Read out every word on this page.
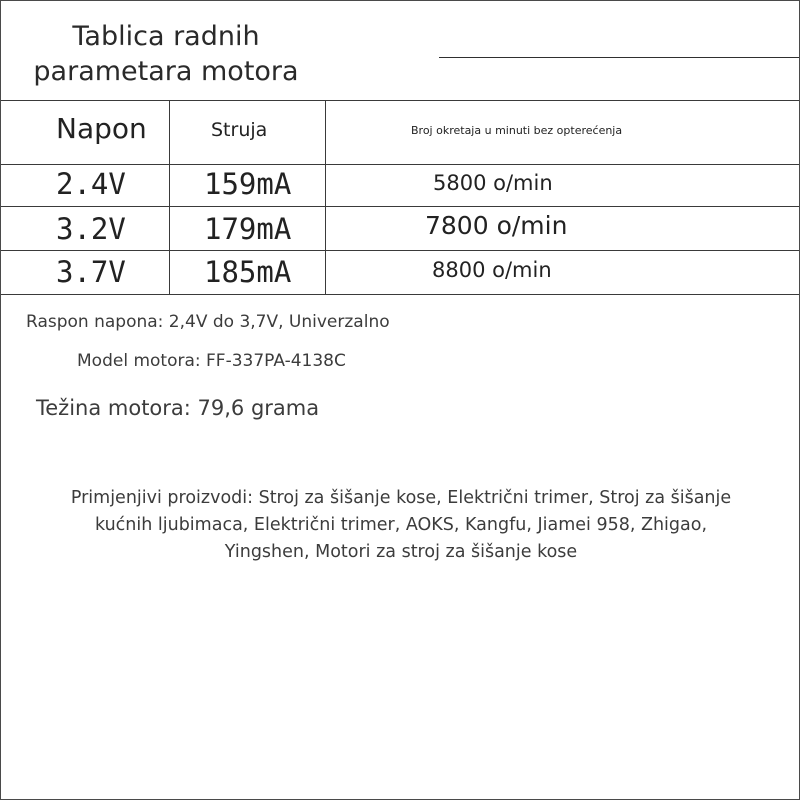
Tablica radnih
parametara motora
Napon	Struja	Broj okretaja u minuti bez opterećenja
2.4V	159mA	5800 o/min
3.2V	179mA	7800 o/min
3.7V	185mA	8800 o/min
Raspon napona: 2,4V do 3,7V, Univerzalno
Model motora: FF-337PA-4138C
Težina motora: 79,6 grama
Primjenjivi proizvodi: Stroj za šišanje kose, Električni trimer, Stroj za šišanje
kućnih ljubimaca, Električni trimer, AOKS, Kangfu, Jiamei 958, Zhigao,
Yingshen, Motori za stroj za šišanje kose
